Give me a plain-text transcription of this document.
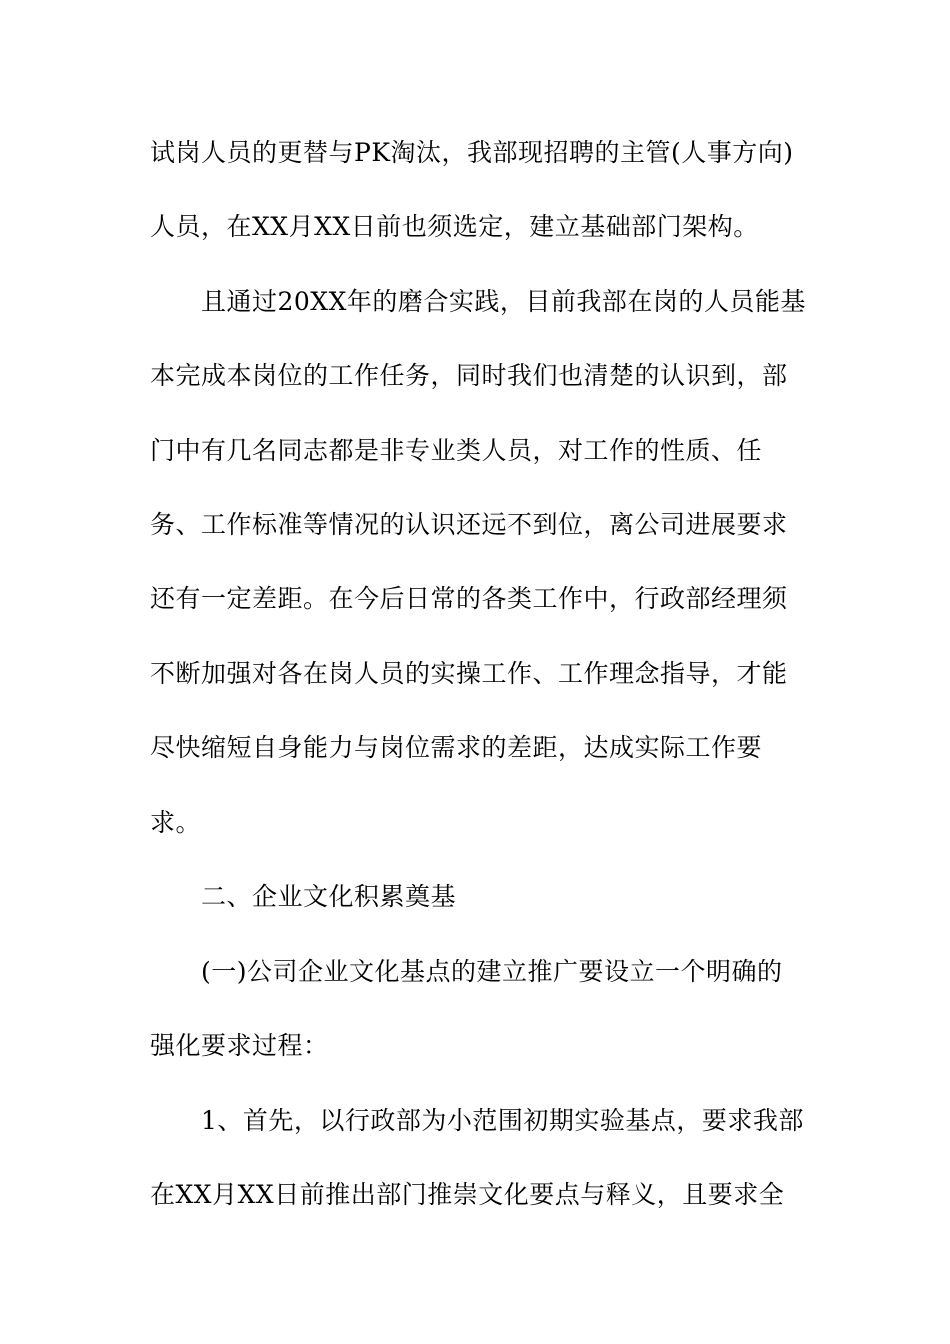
试岗人员的更替与PK淘汰，我部现招聘的主管(人事方向)
人员，在XX月XX日前也须选定，建立基础部门架构。
且通过20XX年的磨合实践，目前我部在岗的人员能基
本完成本岗位的工作任务，同时我们也清楚的认识到，部
门中有几名同志都是非专业类人员，对工作的性质、任
务、工作标准等情况的认识还远不到位，离公司进展要求
还有一定差距。在今后日常的各类工作中，行政部经理须
不断加强对各在岗人员的实操工作、工作理念指导，才能
尽快缩短自身能力与岗位需求的差距，达成实际工作要
求。
二、企业文化积累奠基
(一)公司企业文化基点的建立推广要设立一个明确的
强化要求过程：
1、首先，以行政部为小范围初期实验基点，要求我部
在XX月XX日前推出部门推崇文化要点与释义，且要求全
